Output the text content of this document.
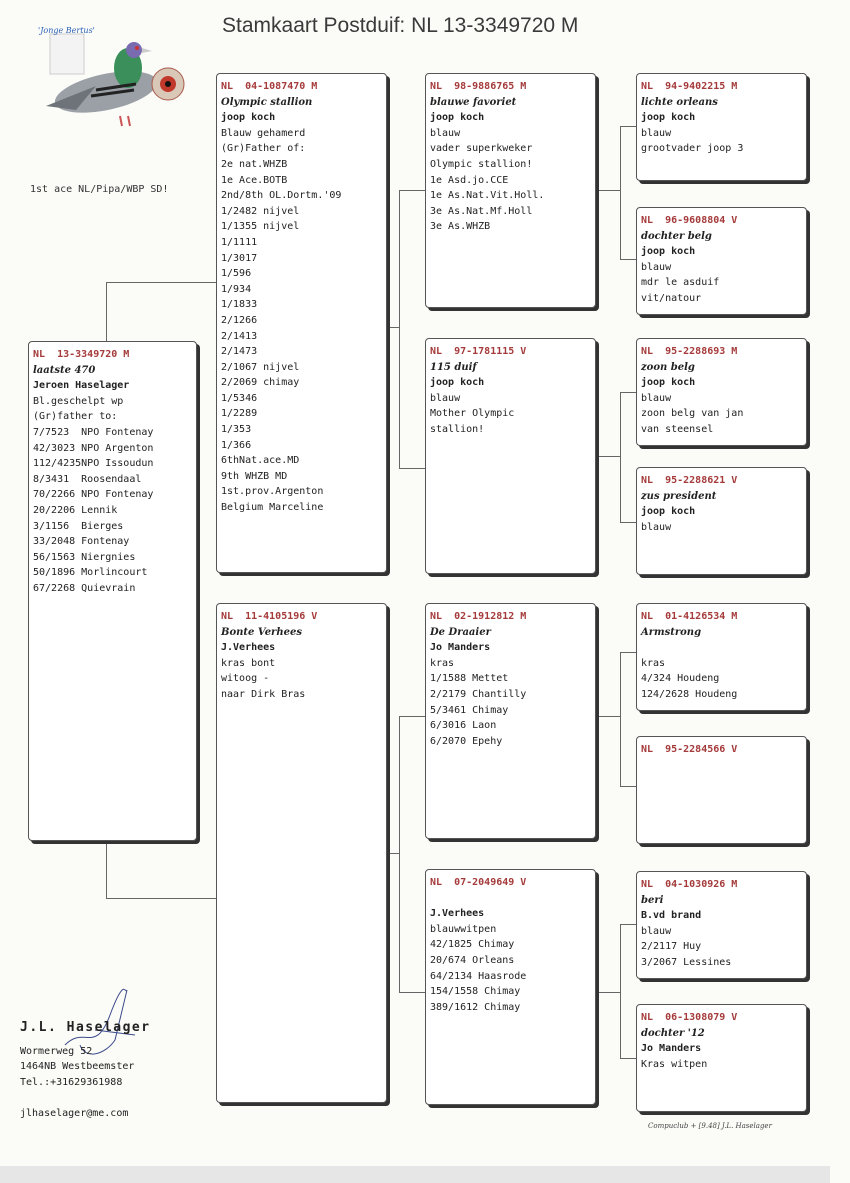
Stamkaart Postduif: NL 13-3349720 M
'Jonge Bertus'
1st ace NL/Pipa/WBP SD!
NL  13-3349720 M
laatste 470
Jeroen Haselager
Bl.geschelpt wp
(Gr)father to:
7/7523  NPO Fontenay
42/3023 NPO Argenton
112/4235NPO Issoudun
8/3431  Roosendaal
70/2266 NPO Fontenay
20/2206 Lennik
3/1156  Bierges
33/2048 Fontenay
56/1563 Niergnies
50/1896 Morlincourt
67/2268 Quievrain
NL  04-1087470 M
Olympic stallion
joop koch
Blauw gehamerd
(Gr)Father of:
2e nat.WHZB
1e Ace.BOTB
2nd/8th OL.Dortm.'09
1/2482 nijvel
1/1355 nijvel
1/1111
1/3017
1/596
1/934
1/1833
2/1266
2/1413
2/1473
2/1067 nijvel
2/2069 chimay
1/5346
1/2289
1/353
1/366
6thNat.ace.MD
9th WHZB MD
1st.prov.Argenton
Belgium Marceline
NL  11-4105196 V
Bonte Verhees
J.Verhees
kras bont
witoog -
naar Dirk Bras
NL  98-9886765 M
blauwe favoriet
joop koch
blauw
vader superkweker
Olympic stallion!
1e Asd.jo.CCE
1e As.Nat.Vit.Holl.
3e As.Nat.Mf.Holl
3e As.WHZB
NL  97-1781115 V
115 duif
joop koch
blauw
Mother Olympic
stallion!
NL  02-1912812 M
De Draaier
Jo Manders
kras
1/1588 Mettet
2/2179 Chantilly
5/3461 Chimay
6/3016 Laon
6/2070 Epehy
NL  07-2049649 V
J.Verhees
blauwwitpen
42/1825 Chimay
20/674 Orleans
64/2134 Haasrode
154/1558 Chimay
389/1612 Chimay
NL  94-9402215 M
lichte orleans
joop koch
blauw
grootvader joop 3
NL  96-9608804 V
dochter belg
joop koch
blauw
mdr le asduif
vit/natour
NL  95-2288693 M
zoon belg
joop koch
blauw
zoon belg van jan
van steensel
NL  95-2288621 V
zus president
joop koch
blauw
NL  01-4126534 M
Armstrong
kras
4/324 Houdeng
124/2628 Houdeng
NL  95-2284566 V
NL  04-1030926 M
beri
B.vd brand
blauw
2/2117 Huy
3/2067 Lessines
NL  06-1308079 V
dochter '12
Jo Manders
Kras witpen
J.L. Haselager
Wormerweg 52
1464NB Westbeemster
Tel.:+31629361988
jlhaselager@me.com
Compuclub + [9.48] J.L. Haselager
